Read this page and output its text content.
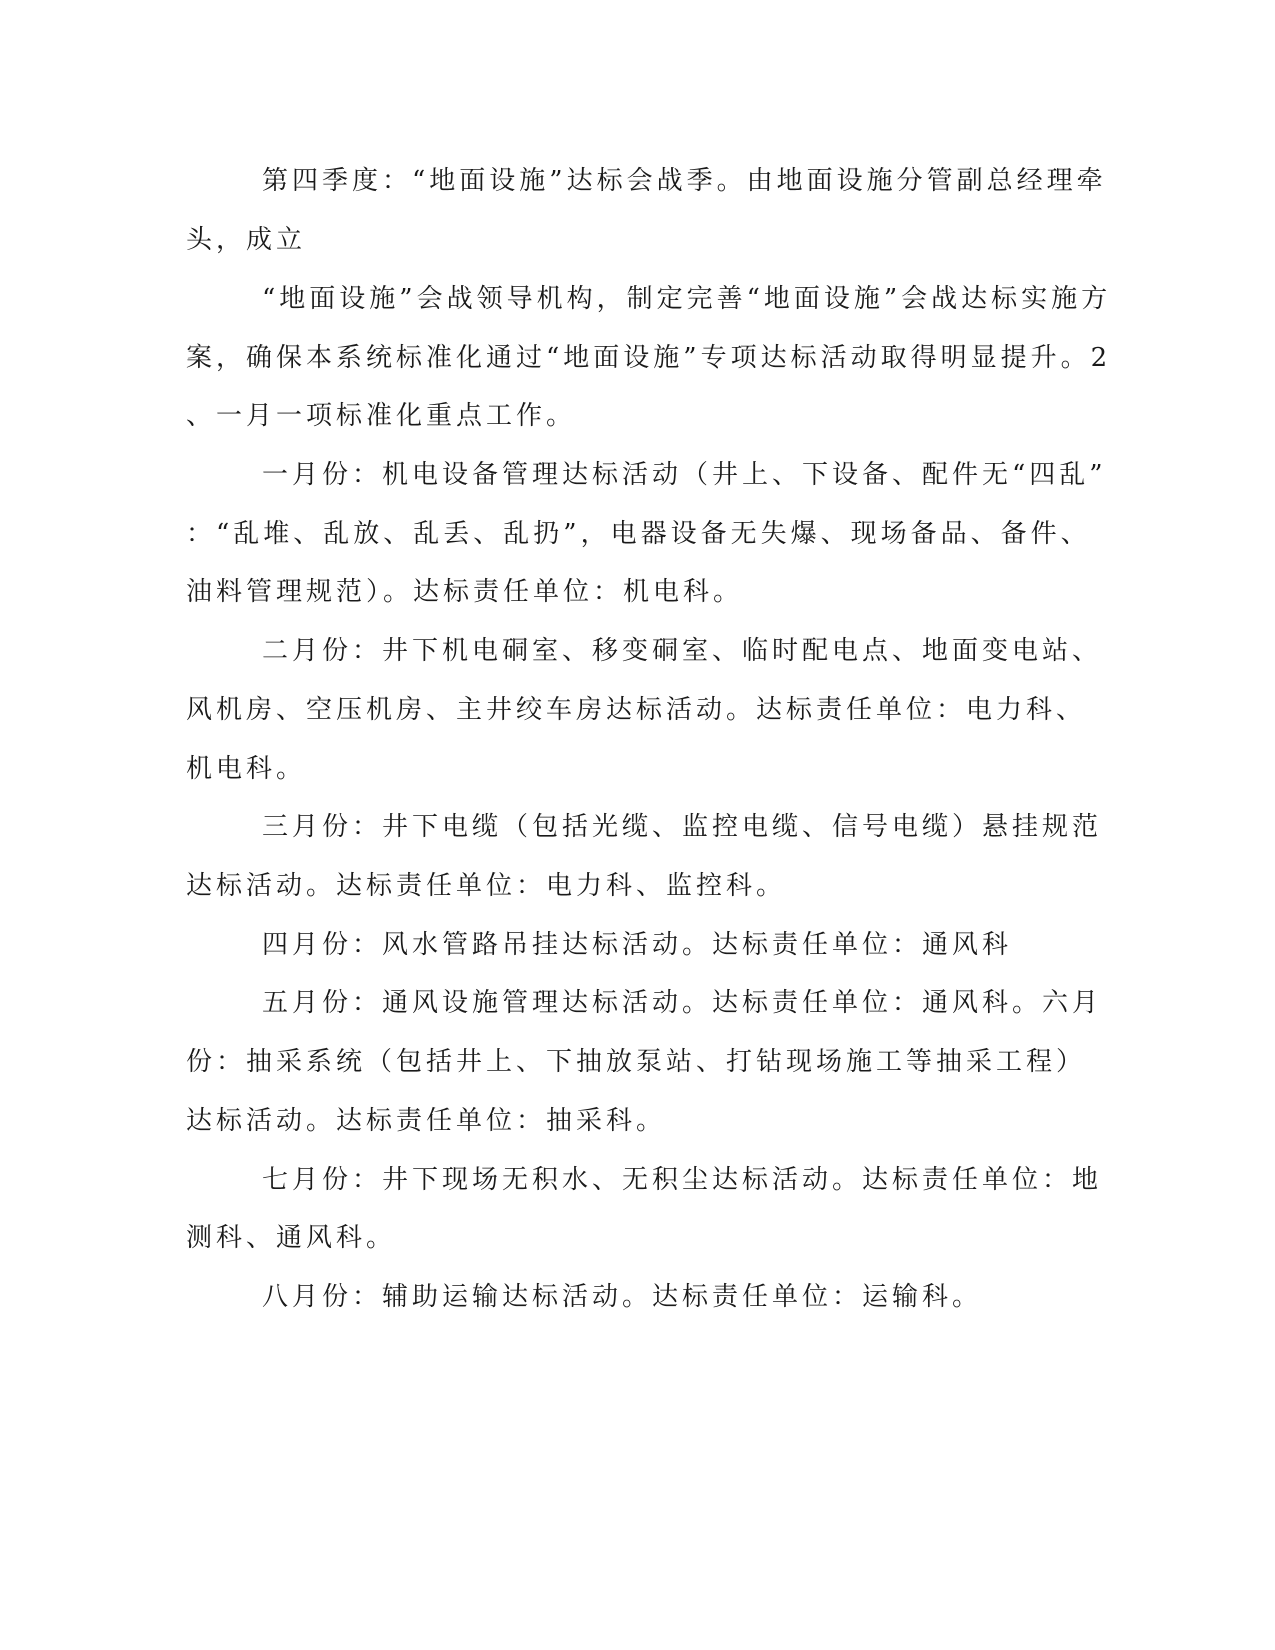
第四季度：“地面设施”达标会战季。由地面设施分管副总经理牵
头，成立
“地面设施”会战领导机构，制定完善“地面设施”会战达标实施方
案，确保本系统标准化通过“地面设施”专项达标活动取得明显提升。2
、一月一项标准化重点工作。
一月份：机电设备管理达标活动（井上、下设备、配件无“四乱”
：“乱堆、乱放、乱丢、乱扔”，电器设备无失爆、现场备品、备件、
油料管理规范）。达标责任单位：机电科。
二月份：井下机电硐室、移变硐室、临时配电点、地面变电站、
风机房、空压机房、主井绞车房达标活动。达标责任单位：电力科、
机电科。
三月份：井下电缆（包括光缆、监控电缆、信号电缆）悬挂规范
达标活动。达标责任单位：电力科、监控科。
四月份：风水管路吊挂达标活动。达标责任单位：通风科
五月份：通风设施管理达标活动。达标责任单位：通风科。六月
份：抽采系统（包括井上、下抽放泵站、打钻现场施工等抽采工程）
达标活动。达标责任单位：抽采科。
七月份：井下现场无积水、无积尘达标活动。达标责任单位：地
测科、通风科。
八月份：辅助运输达标活动。达标责任单位：运输科。
